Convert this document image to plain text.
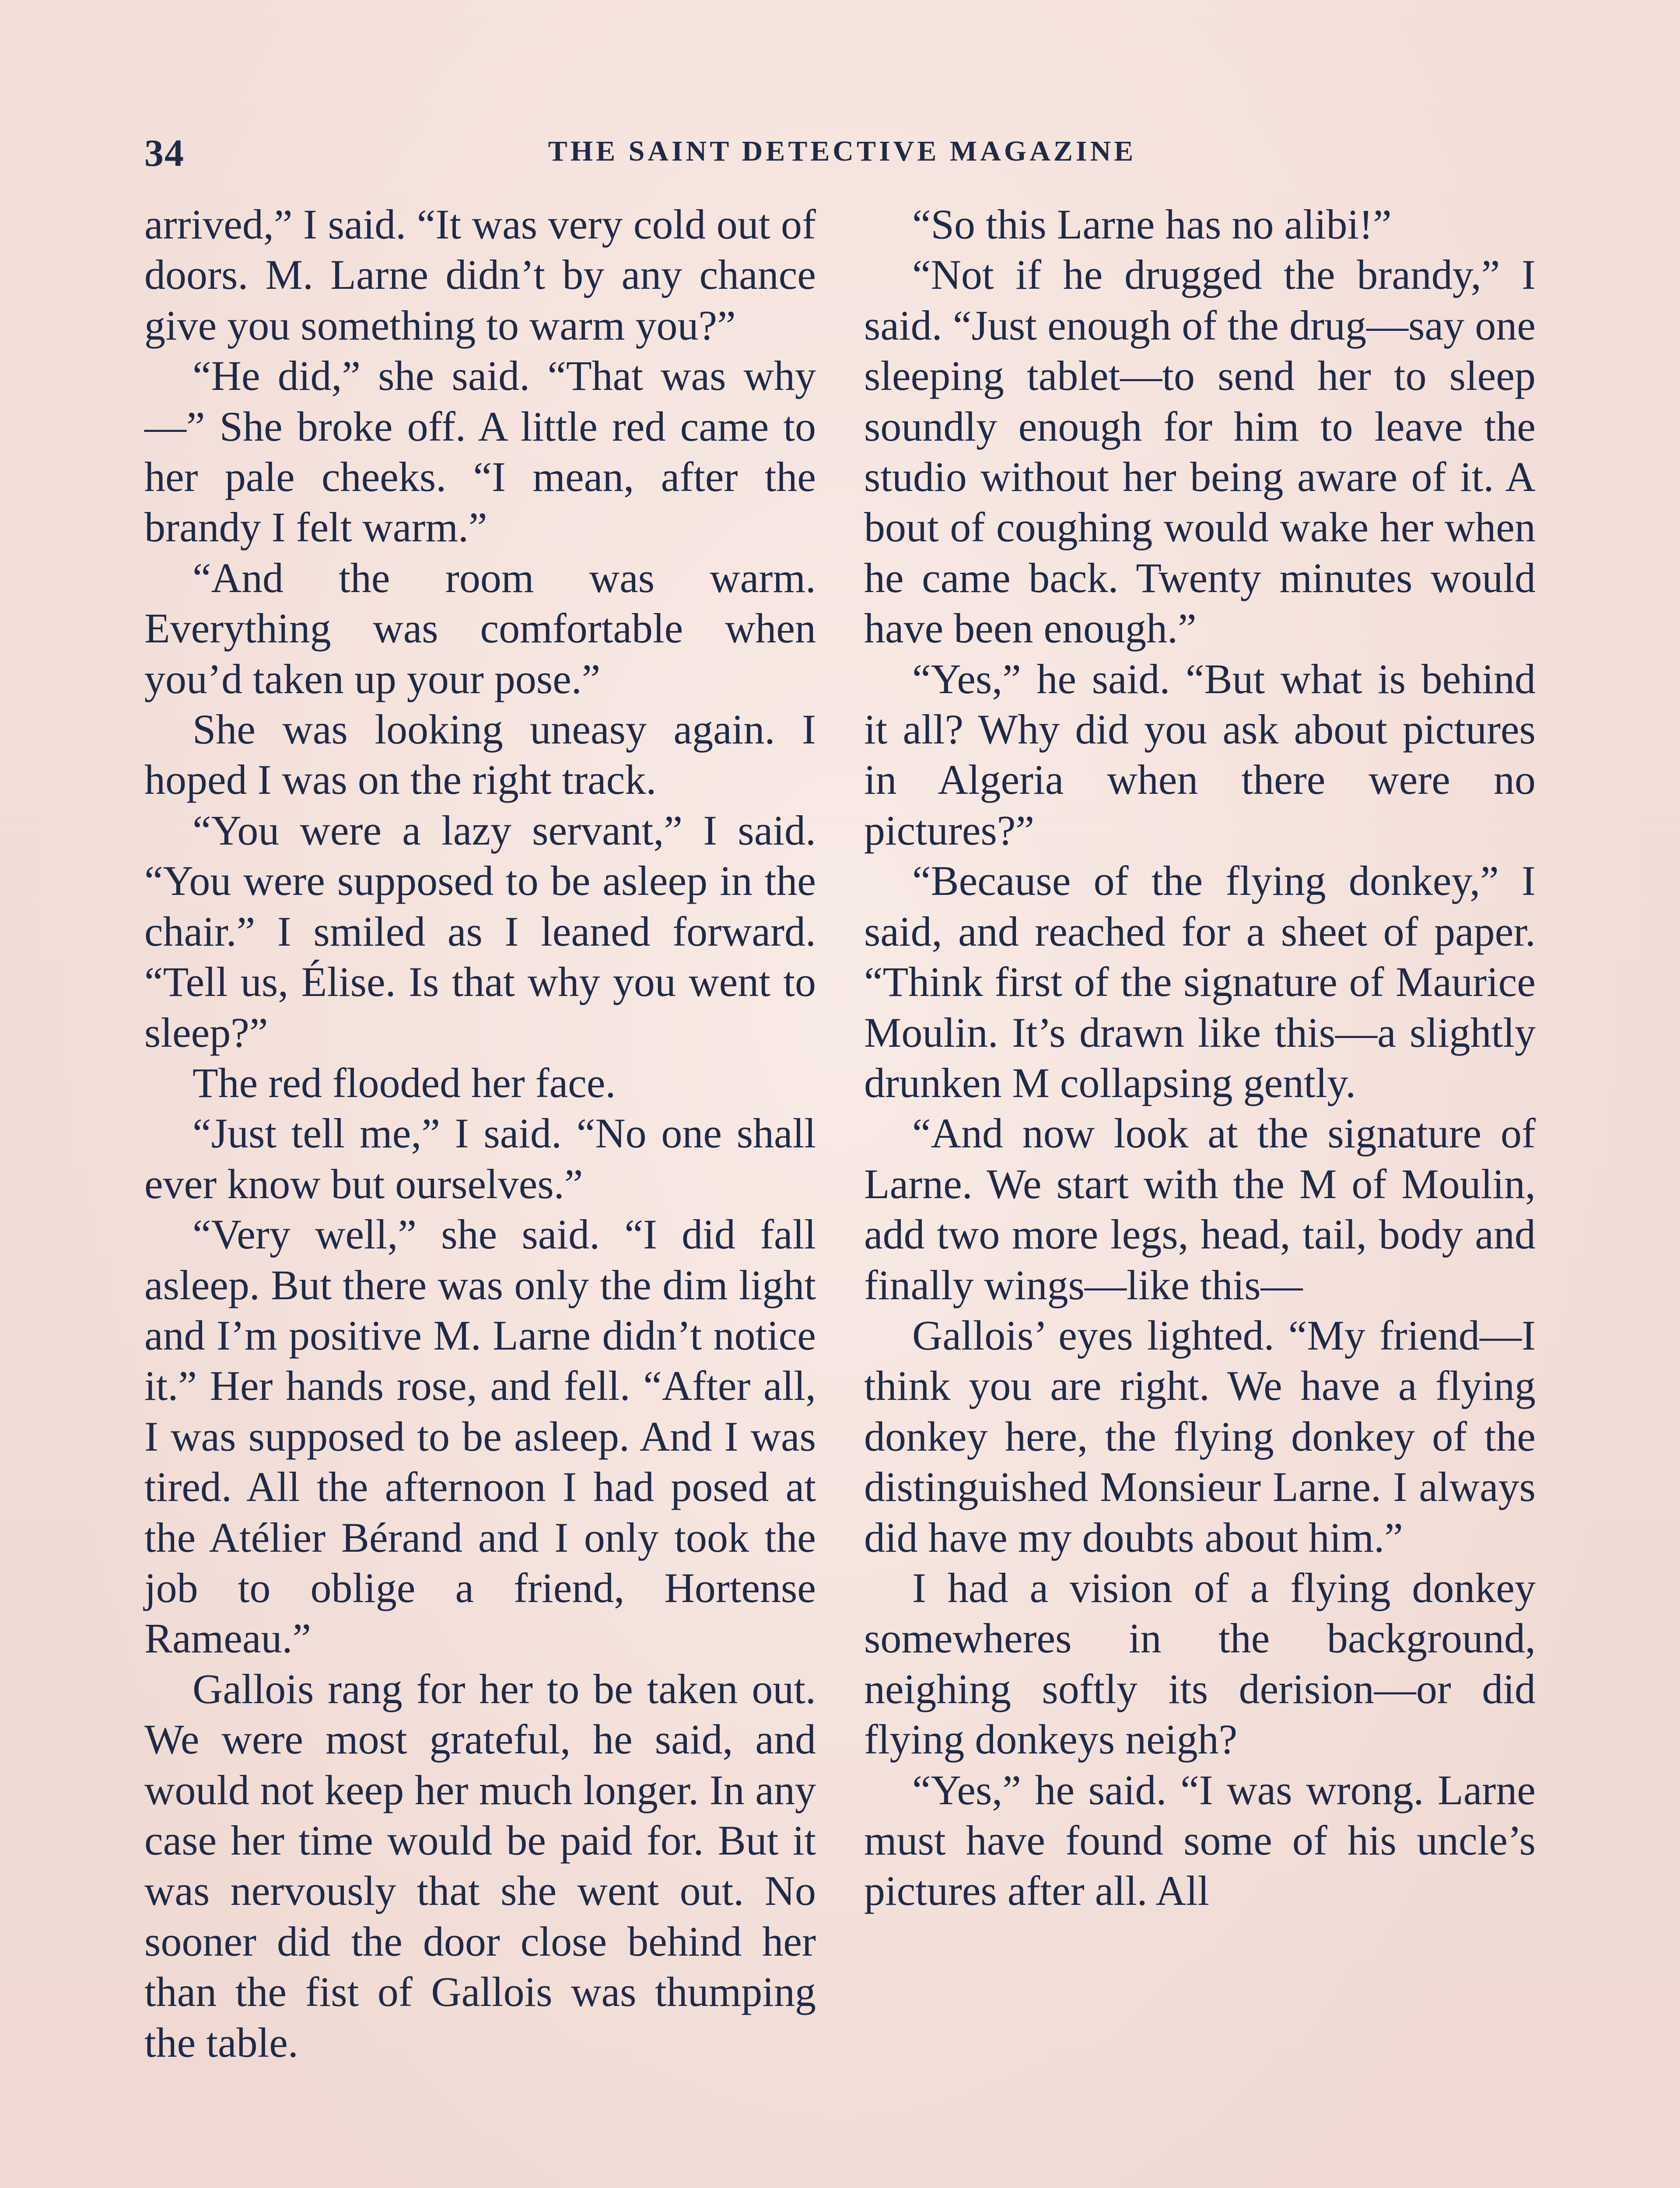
34	THE SAINT DETECTIVE MAGAZINE

arrived,” I said. “It was very cold out of doors. M. Larne didn’t by any chance give you something to warm you?”

“He did,” she said. “That was why—” She broke off. A little red came to her pale cheeks. “I mean, after the brandy I felt warm.”

“And the room was warm. Everything was comfortable when you’d taken up your pose.”

She was looking uneasy again. I hoped I was on the right track.

“You were a lazy servant,” I said. “You were supposed to be asleep in the chair.” I smiled as I leaned forward. “Tell us, Élise. Is that why you went to sleep?”

The red flooded her face.

“Just tell me,” I said. “No one shall ever know but ourselves.”

“Very well,” she said. “I did fall asleep. But there was only the dim light and I’m positive M. Larne didn’t notice it.” Her hands rose, and fell. “After all, I was supposed to be asleep. And I was tired. All the afternoon I had posed at the Atélier Bérand and I only took the job to oblige a friend, Hortense Rameau.”

Gallois rang for her to be taken out. We were most grateful, he said, and would not keep her much longer. In any case her time would be paid for. But it was nervously that she went out. No sooner did the door close behind her than the fist of Gallois was thumping the table.

“So this Larne has no alibi!”

“Not if he drugged the brandy,” I said. “Just enough of the drug—say one sleeping tablet—to send her to sleep soundly enough for him to leave the studio without her being aware of it. A bout of coughing would wake her when he came back. Twenty minutes would have been enough.”

“Yes,” he said. “But what is behind it all? Why did you ask about pictures in Algeria when there were no pictures?”

“Because of the flying donkey,” I said, and reached for a sheet of paper. “Think first of the signature of Maurice Moulin. It’s drawn like this—a slightly drunken M collapsing gently.

“And now look at the signature of Larne. We start with the M of Moulin, add two more legs, head, tail, body and finally wings—like this—

Gallois’ eyes lighted. “My friend—I think you are right. We have a flying donkey here, the flying donkey of the distinguished Monsieur Larne. I always did have my doubts about him.”

I had a vision of a flying donkey somewheres in the background, neighing softly its derision—or did flying donkeys neigh?

“Yes,” he said. “I was wrong. Larne must have found some of his uncle’s pictures after all. All
